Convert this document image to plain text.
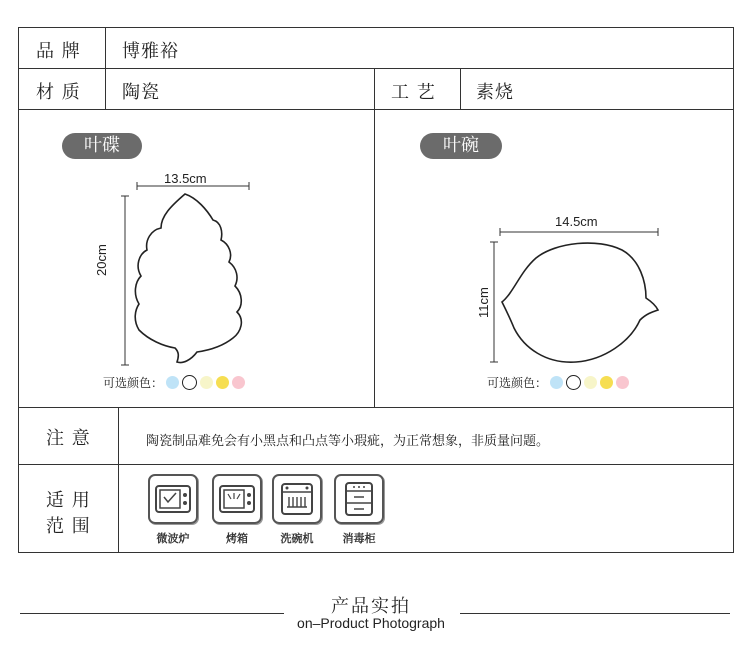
品 牌 博雅裕
材 质 陶瓷	工 艺 素烧
叶碟
13.5cm
20cm
可选颜色：
叶碗
14.5cm
11cm
可选颜色：
注 意	陶瓷制品难免会有小黑点和凸点等小瑕疵，为正常想象，非质量问题。
适 用
范 围
微波炉	烤箱	洗碗机	消毒柜
产品实拍
on–Product Photograph
